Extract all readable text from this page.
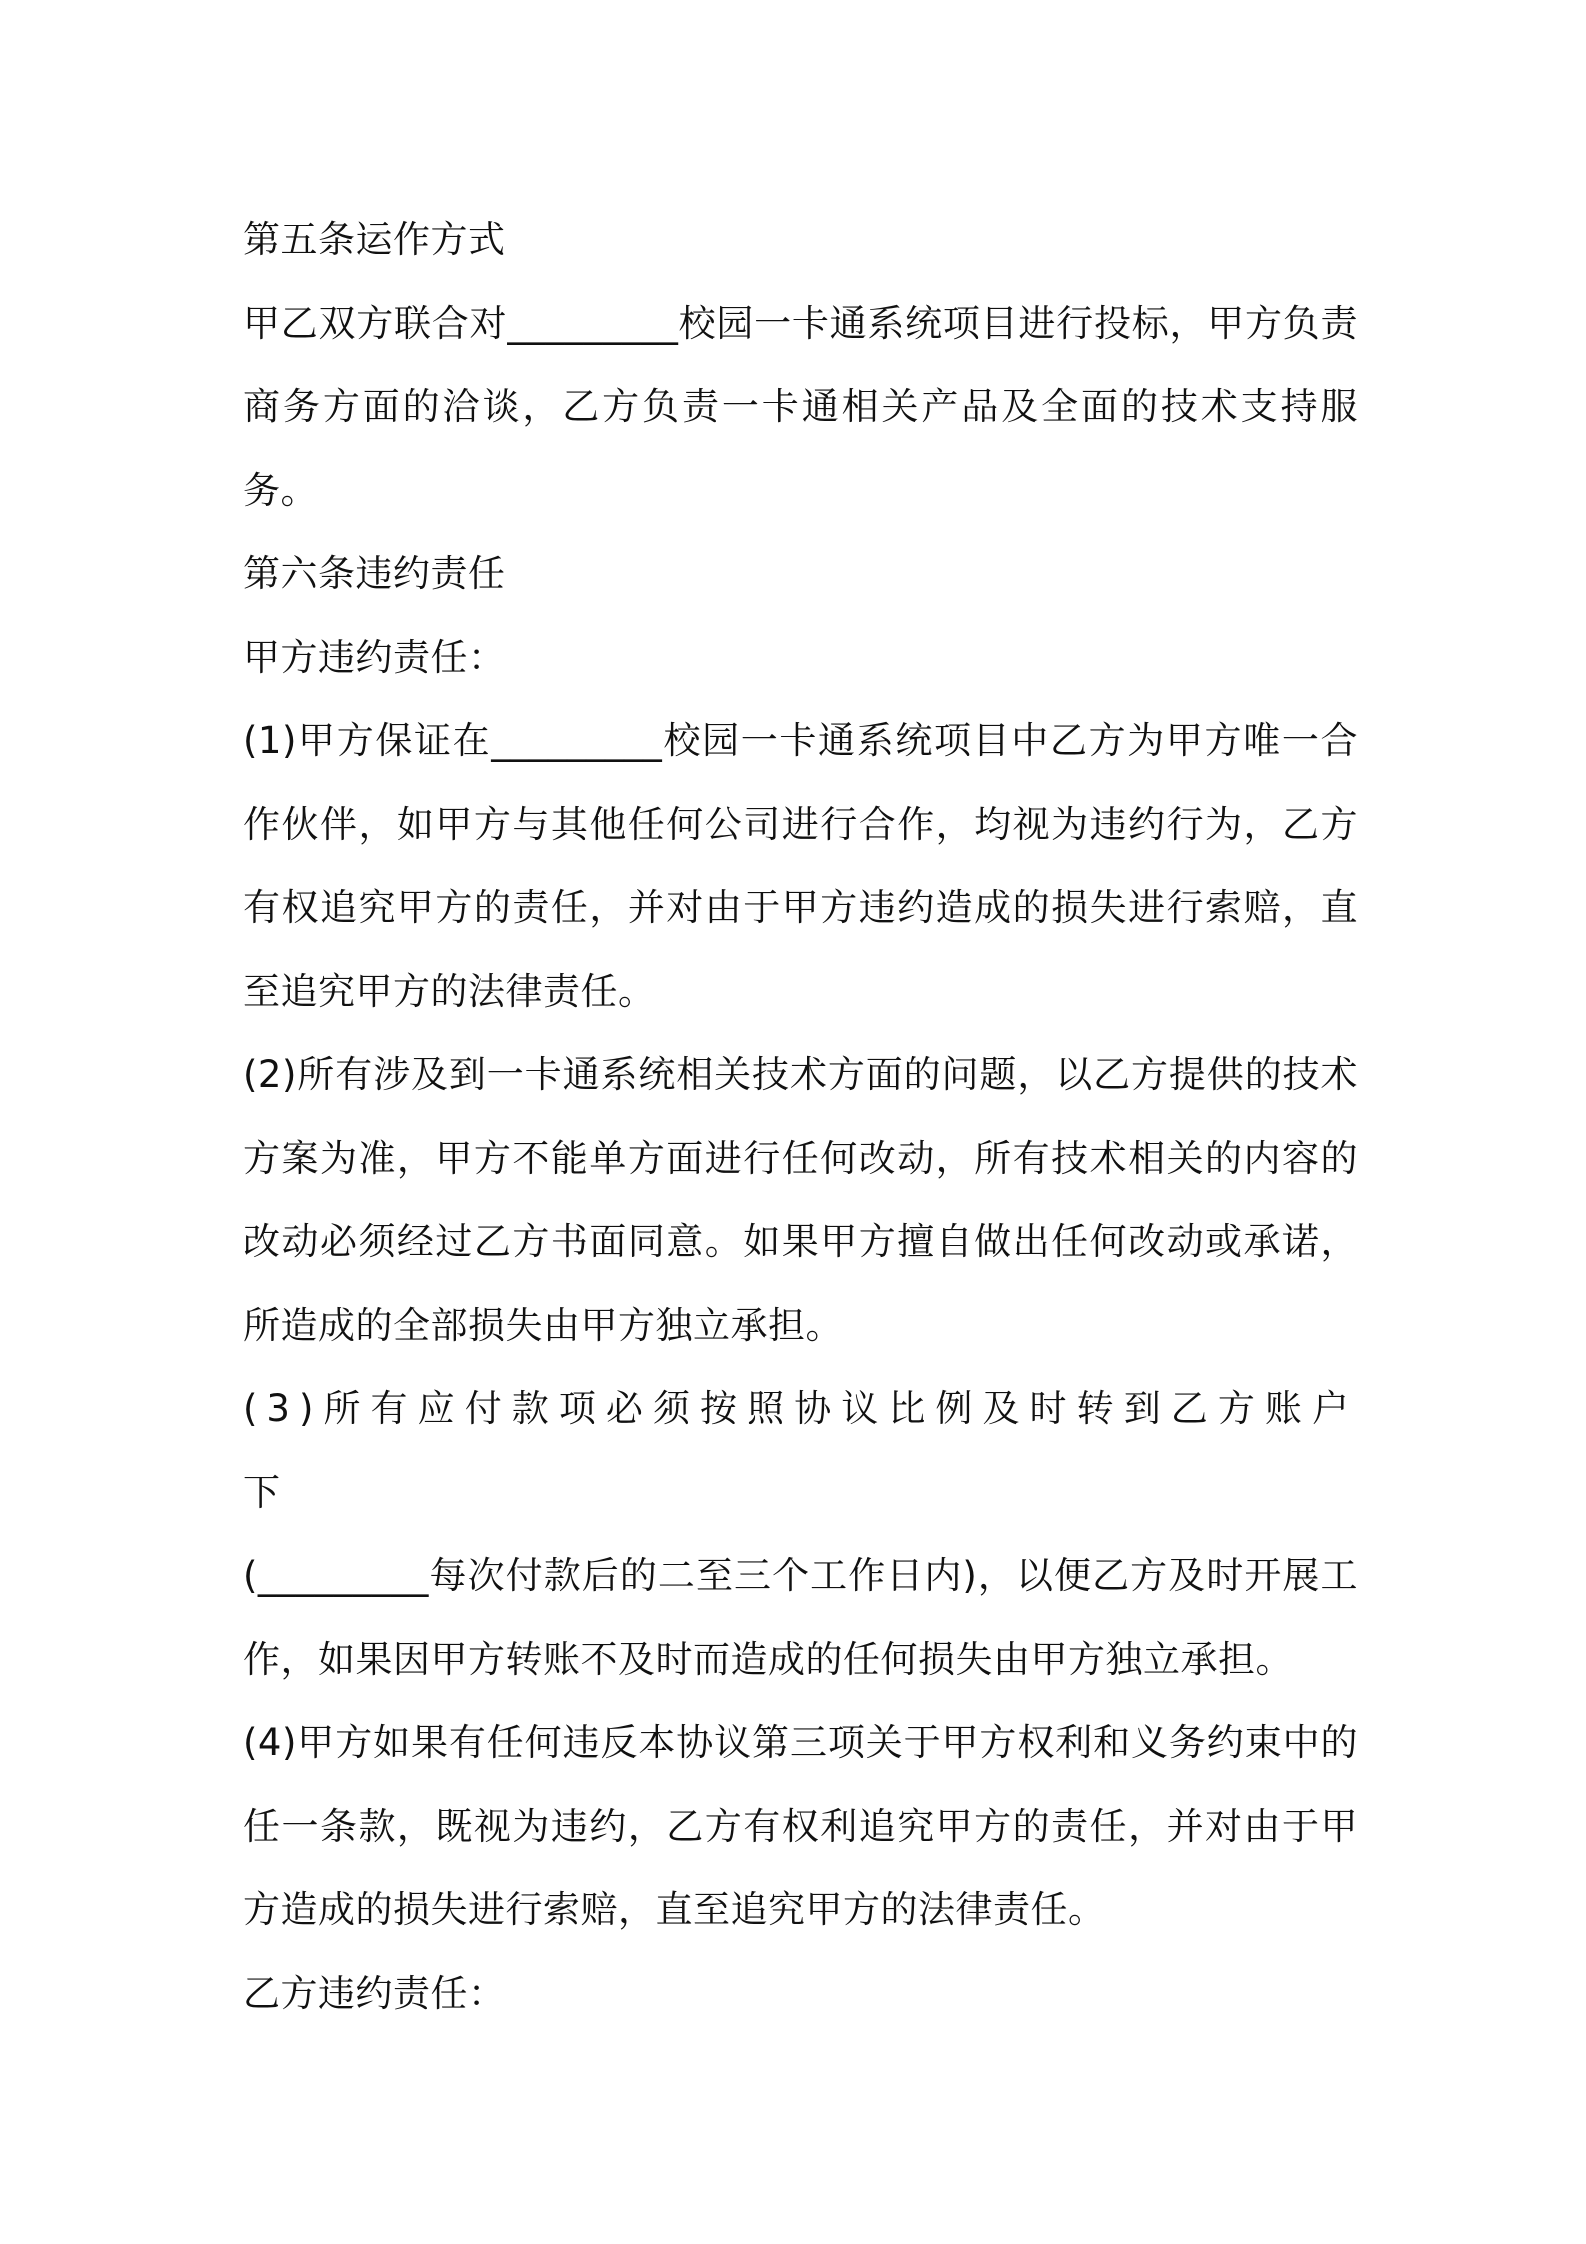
第五条运作方式

甲乙双方联合对_________校园一卡通系统项目进行投标，甲方负责商务方面的洽谈，乙方负责一卡通相关产品及全面的技术支持服务。

第六条违约责任

甲方违约责任：

(1)甲方保证在_________校园一卡通系统项目中乙方为甲方唯一合作伙伴，如甲方与其他任何公司进行合作，均视为违约行为，乙方有权追究甲方的责任，并对由于甲方违约造成的损失进行索赔，直至追究甲方的法律责任。

(2)所有涉及到一卡通系统相关技术方面的问题，以乙方提供的技术方案为准，甲方不能单方面进行任何改动，所有技术相关的内容的改动必须经过乙方书面同意。如果甲方擅自做出任何改动或承诺，所造成的全部损失由甲方独立承担。

(3)所有应付款项必须按照协议比例及时转到乙方账户下

(_________每次付款后的二至三个工作日内)，以便乙方及时开展工作，如果因甲方转账不及时而造成的任何损失由甲方独立承担。

(4)甲方如果有任何违反本协议第三项关于甲方权利和义务约束中的任一条款，既视为违约，乙方有权利追究甲方的责任，并对由于甲方造成的损失进行索赔，直至追究甲方的法律责任。

乙方违约责任：
